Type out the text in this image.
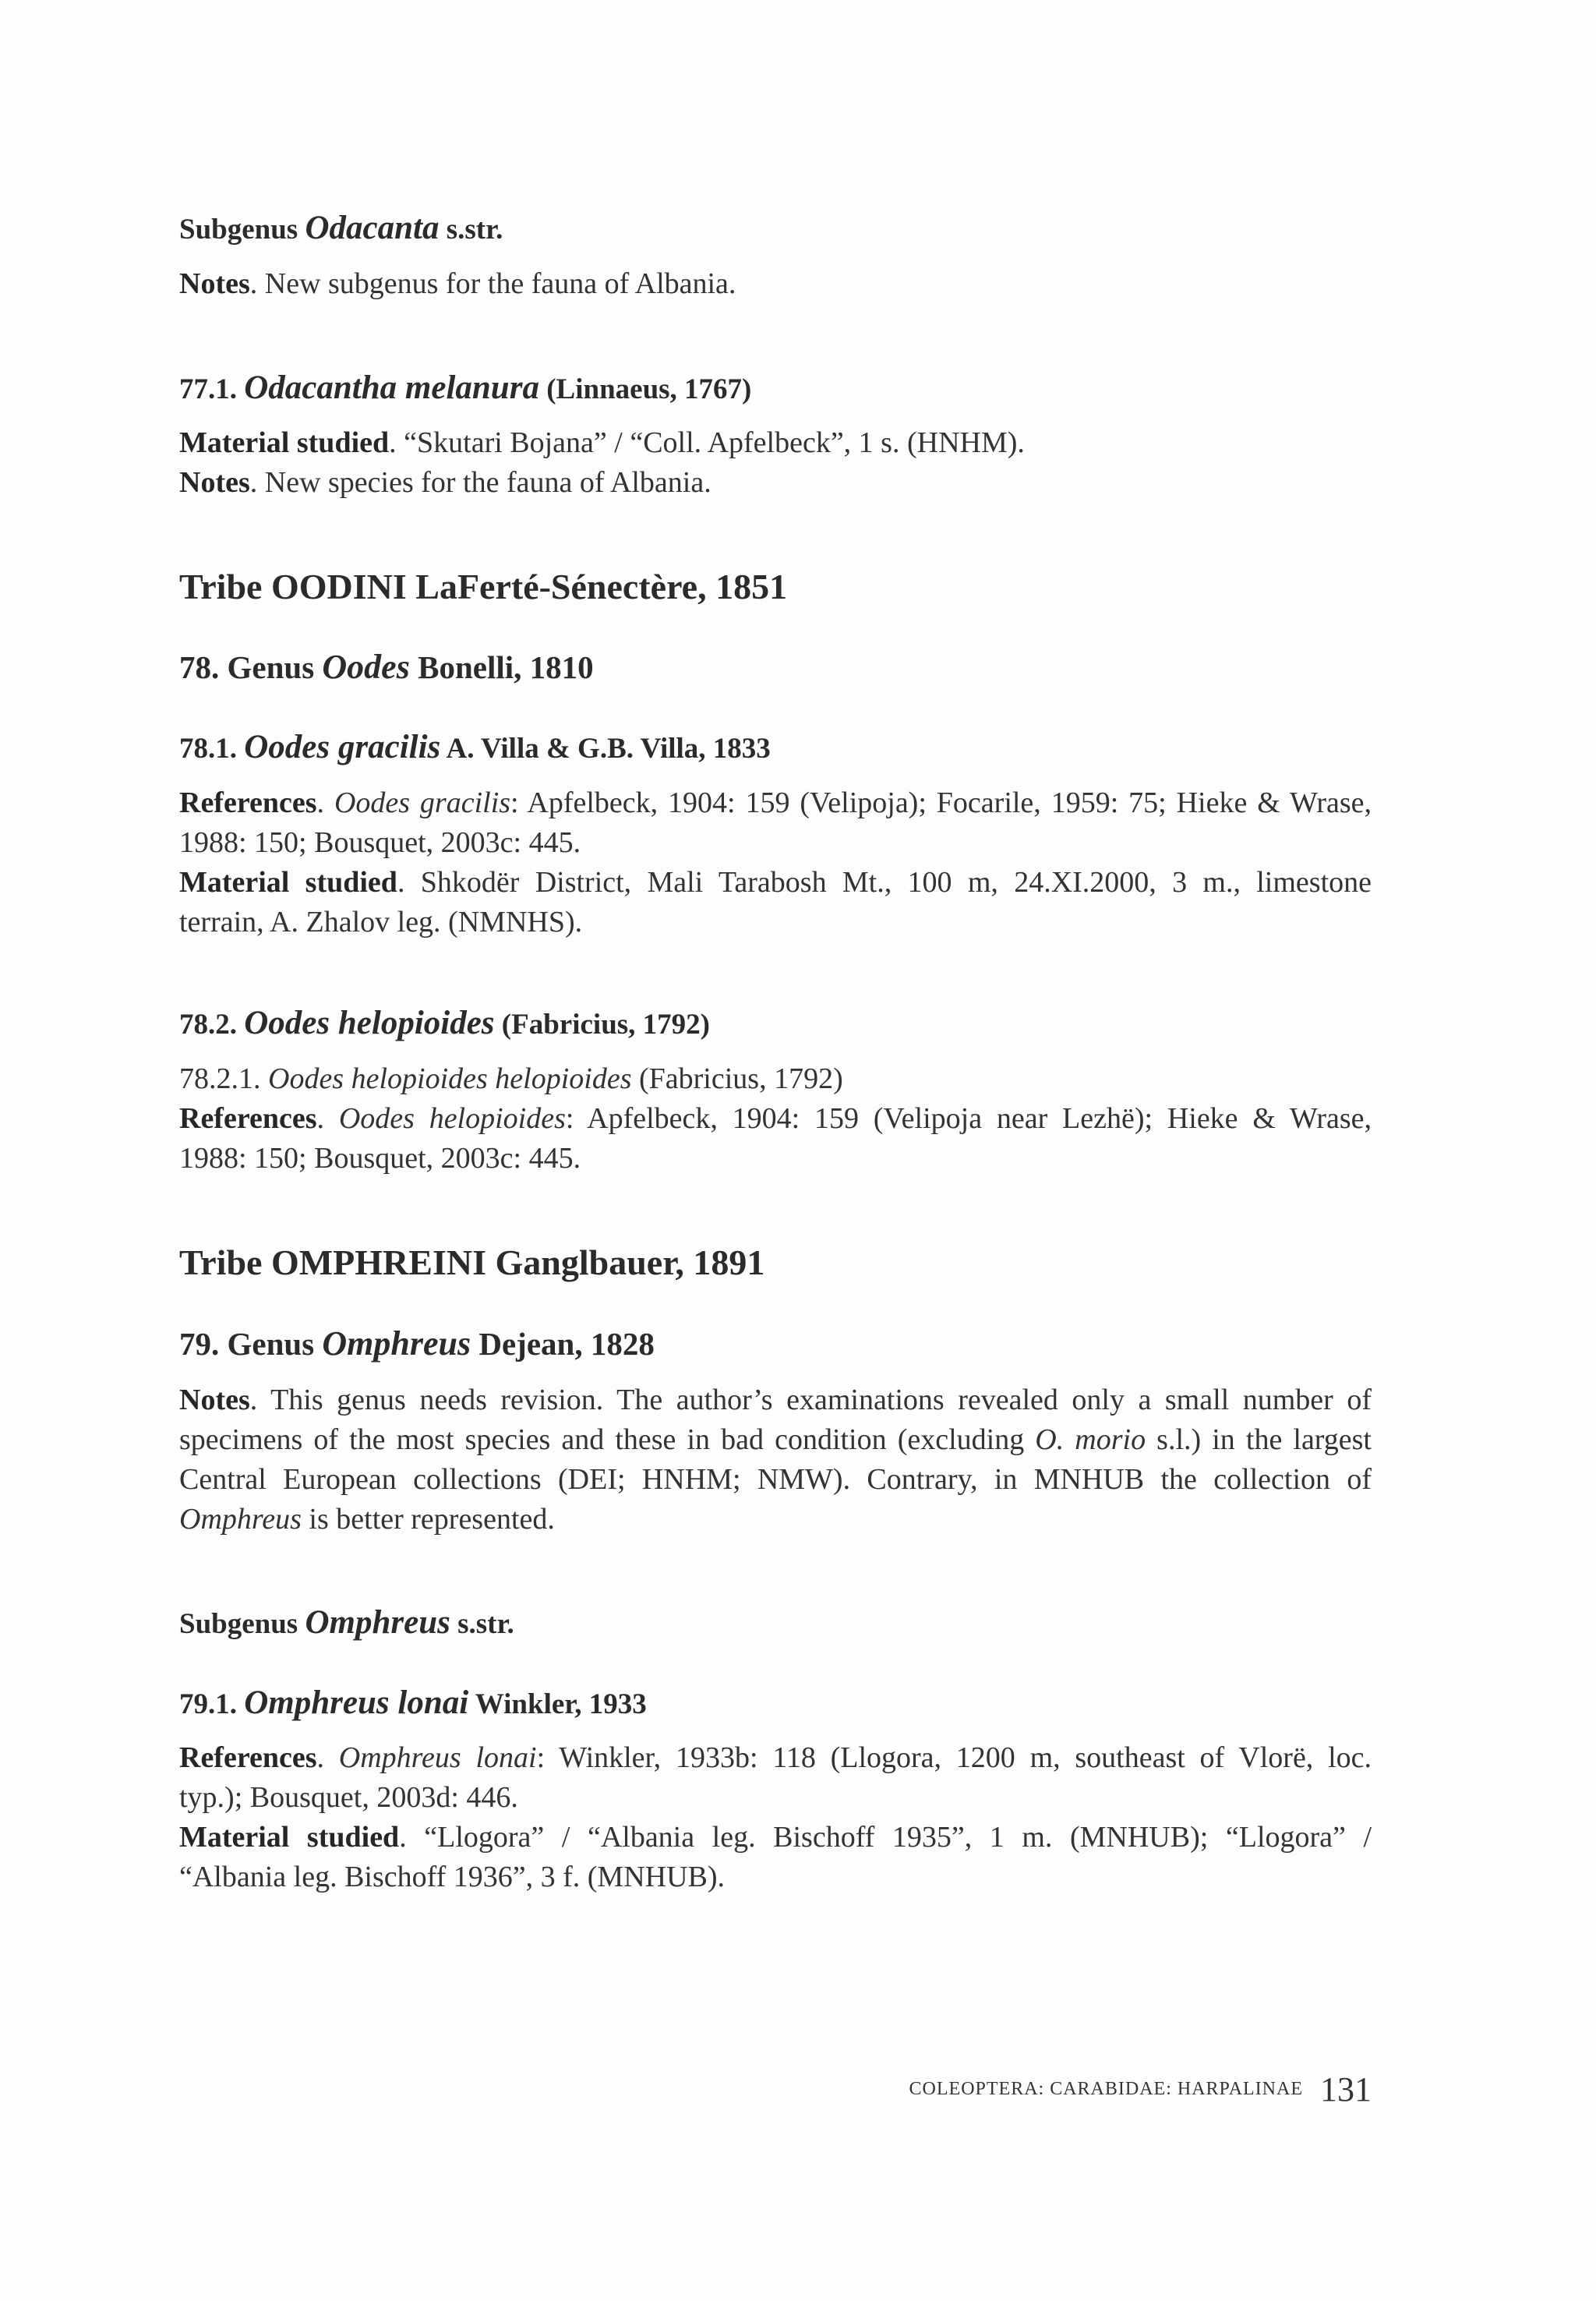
Subgenus Odacanta s.str.
Notes. New subgenus for the fauna of Albania.
77.1. Odacantha melanura (Linnaeus, 1767)
Material studied. “Skutari Bojana” / “Coll. Apfelbeck”, 1 s. (HNHM).
Notes. New species for the fauna of Albania.
Tribe OODINI LaFerté-Sénectère, 1851
78. Genus Oodes Bonelli, 1810
78.1. Oodes gracilis A. Villa & G.B. Villa, 1833
References. Oodes gracilis: Apfelbeck, 1904: 159 (Velipoja); Focarile, 1959: 75; Hieke & Wrase,
1988: 150; Bousquet, 2003c: 445.
Material studied. Shkodër District, Mali Tarabosh Mt., 100 m, 24.XI.2000, 3 m., limestone
terrain, A. Zhalov leg. (NMNHS).
78.2. Oodes helopioides (Fabricius, 1792)
78.2.1. Oodes helopioides helopioides (Fabricius, 1792)
References. Oodes helopioides: Apfelbeck, 1904: 159 (Velipoja near Lezhë); Hieke & Wrase,
1988: 150; Bousquet, 2003c: 445.
Tribe OMPHREINI Ganglbauer, 1891
79. Genus Omphreus Dejean, 1828
Notes. This genus needs revision. The author’s examinations revealed only a small number of
specimens of the most species and these in bad condition (excluding O. morio s.l.) in the largest
Central European collections (DEI; HNHM; NMW). Contrary, in MNHUB the collection of
Omphreus is better represented.
Subgenus Omphreus s.str.
79.1. Omphreus lonai Winkler, 1933
References. Omphreus lonai: Winkler, 1933b: 118 (Llogora, 1200 m, southeast of Vlorë, loc.
typ.); Bousquet, 2003d: 446.
Material studied. “Llogora” / “Albania leg. Bischoff 1935”, 1 m. (MNHUB); “Llogora” /
“Albania leg. Bischoff 1936”, 3 f. (MNHUB).
COLEOPTERA: CARABIDAE: HARPALINAE 131
